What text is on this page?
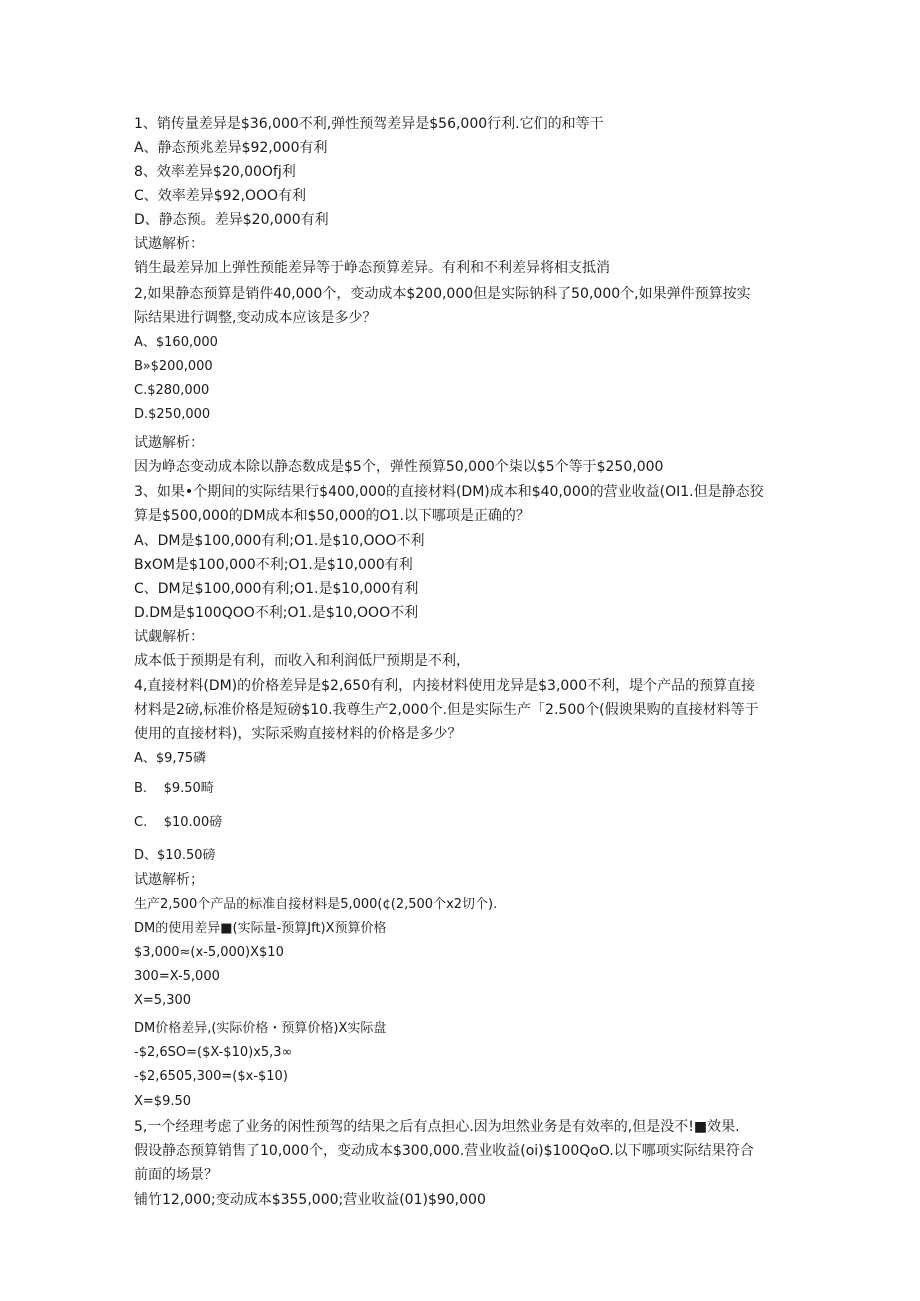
1、销传量差异是$36,000不利,弹性预驾差异是$56,000行利.它们的和等干
A、静态预兆差异$92,000有利
8、效率差异$20,00Ofj利
C、效率差异$92,OOO有利
D、静态预。差异$20,000有利
试遨解析：
销生最差异加上弹性预能差异等于峥态预算差异。有利和不利差异将相支抵消
2,如果静态预算是销件40,000个，变动成本$200,000但是实际钠科了50,000个,如果弹件预算按实
际结果进行调整,变动成本应该是多少？
A、$160,000
B»$200,000
C.$280,000
D.$250,000
试遨解析：
因为峥态变动成本除以静态数成是$5个，弹性预算50,000个柒以$5个等于$250,000
3、如果•个期间的实际结果行$400,000的直接材料(DM)成本和$40,000的营业收益(OI1.但是静态狡
算是$500,000的DM成本和$50,000的O1.以下哪项是正确的？
A、DM是$100,000有利;O1.是$10,OOO不利
BxOM是$100,000不利;O1.是$10,000有利
C、DM足$100,000有利;O1.是$10,000有利
D.DM是$100QOO不利;O1.是$10,OOO不利
试觑解析：
成本低于预期是有利，而收入和利润低尸预期是不利，
4,直接材料(DM)的价格差异是$2,650有利，内接材料使用龙异是$3,000不利，堤个产品的预算直接
材料是2磅,标准价格是短磅$10.我尊生产2,000个.但是实际生产「2.500个(假谀果购的直接材料等于
使用的直接材料)，实际采购直接材料的价格是多少？
A、$9,75磷
B.    $9.50畸
C.    $10.00磅
D、$10.50磅
试遨解析；
生产2,500个产品的标准自接材料是5,000(¢(2,500个x2切个).
DM的使用差异■(实际量-预算Jft)X预算价格
$3,000≈(x-5,000)X$10
300=X-5,000
X=5,300
DM价格差异,(实际价格・预算价格)X实际盘
-$2,6SO=($X-$10)x5,3∞
-$2,6505,300=($x-$10)
X=$9.50
5,一个经理考虑了业务的闲性预驾的结果之后有点担心.因为坦然业务是有效率的,但是没不!■效果.
假设静态预算销售了10,000个，变动成本$300,000.营业收益(oi)$100QoO.以下哪项实际结果符合
前面的场景？
铺竹12,000;变动成本$355,000;营业收益(01)$90,000
